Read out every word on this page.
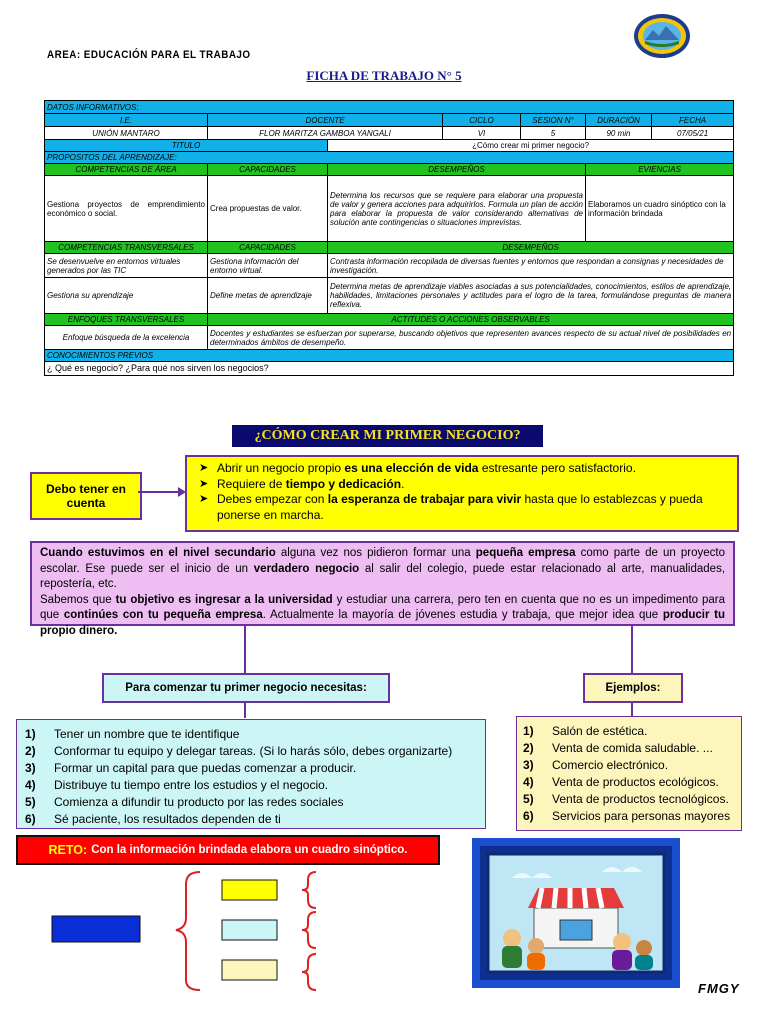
AREA: EDUCACIÓN PARA EL TRABAJO
FICHA DE TRABAJO N° 5
DATOS INFORMATIVOS:						
I.E.	DOCENTE		CICLO	SESION N°	DURACIÓN	FECHA
UNIÓN MANTARO	FLOR MARITZA GAMBOA YANGALI		VI	5	90 min	07/05/21
TITULO		¿Cómo crear mi primer negocio?				
PROPOSITOS DEL APRENDIZAJE:						
COMPETENCIAS DE ÁREA	CAPACIDADES	DESEMPEÑOS			EVIENCIAS	
Gestiona proyectos de emprendimiento económico o social.	Crea propuestas de valor.	Determina los recursos que se requiere para elaborar una propuesta de valor y genera acciones para adquirirlos. Formula un plan de acción para elaborar la propuesta de valor considerando alternativas de solución ante contingencias o situaciones imprevistas.			Elaboramos un cuadro sinóptico con la información brindada	
COMPETENCIAS TRANSVERSALES	CAPACIDADES	DESEMPEÑOS				
Se desenvuelve en entornos virtuales generados por las TIC	Gestiona información del entorno virtual.	Contrasta información recopilada de diversas fuentes y entornos que respondan a consignas y necesidades de investigación.				
Gestiona su aprendizaje	Define metas de aprendizaje	Determina metas de aprendizaje viables asociadas a sus potencialidades, conocimientos, estilos de aprendizaje, habilidades, limitaciones personales y actitudes para el logro de la tarea, formulándose preguntas de manera reflexiva.				
ENFOQUES TRANSVERSALES	ACTITUDES O ACCIONES OBSERVABLES					
Enfoque búsqueda de la excelencia	Docentes y estudiantes se esfuerzan por superarse, buscando objetivos que representen avances respecto de su actual nivel de posibilidades en determinados ámbitos de desempeño.					
CONOCIMIENTOS PREVIOS						
¿ Qué es negocio? ¿Para qué nos sirven los negocios?						
¿CÓMO CREAR MI PRIMER NEGOCIO?
Debo tener en cuenta
➤ Abrir un negocio propio es una elección de vida estresante pero satisfactorio.
➤ Requiere de tiempo y dedicación.
➤ Debes empezar con la esperanza de trabajar para vivir hasta que lo establezcas y pueda ponerse en marcha.

Cuando estuvimos en el nivel secundario alguna vez nos pidieron formar una pequeña empresa como parte de un proyecto escolar. Ese puede ser el inicio de un verdadero negocio al salir del colegio, puede estar relacionado al arte, manualidades, repostería, etc.

Sabemos que tu objetivo es ingresar a la universidad y estudiar una carrera, pero ten en cuenta que no es un impedimento para que continúes con tu pequeña empresa. Actualmente la mayoría de jóvenes estudia y trabaja, que mejor idea que producir tu propio dinero.

Para comenzar tu primer negocio necesitas:	Ejemplos:
1)	Tener un nombre que te identifique
2)	Conformar tu equipo y delegar tareas. (Si lo harás sólo, debes organizarte)
3)	Formar un capital para que puedas comenzar a producir.
4)	Distribuye tu tiempo entre los estudios y el negocio.
5)	Comienza a difundir tu producto por las redes sociales
6)	Sé paciente, los resultados dependen de ti
1)	Salón de estética.
2)	Venta de comida saludable. ...
3)	Comercio electrónico.
4)	Venta de productos ecológicos.
5)	Venta de productos tecnológicos.
6)	Servicios para personas mayores
RETO: Con la información brindada elabora un cuadro sinóptico.
FMGY
